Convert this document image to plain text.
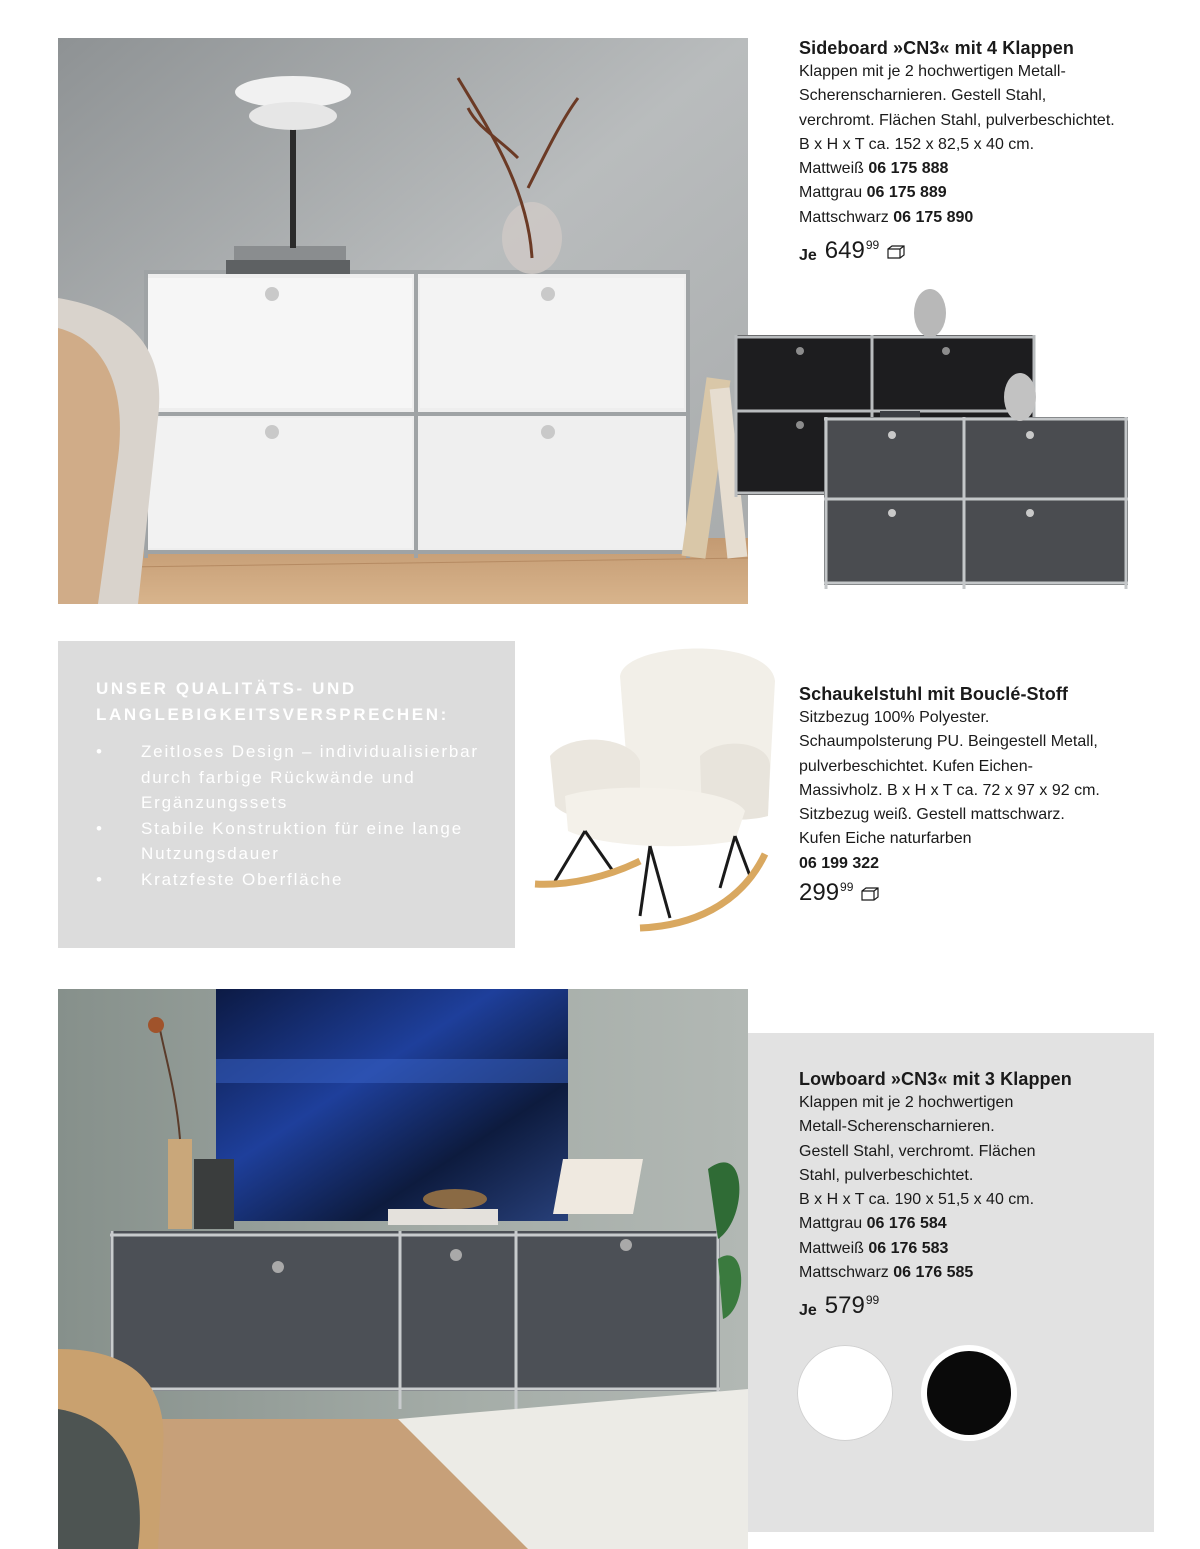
Sideboard »CN3« mit 4 Klappen

Klappen mit je 2 hochwertigen Metall-

Scherenscharnieren. Gestell Stahl,

verchromt. Flächen Stahl, pulverbeschichtet.

B x H x T ca. 152 x 82,5 x 40 cm.

Mattweiß 06 175 888

Mattgrau 06 175 889

Mattschwarz 06 175 890

Je 649 99
UNSER QUALITÄTS- UND LANGLEBIGKEITSVERSPRECHEN:
• Zeitloses Design – individualisierbar durch farbige Rückwände und Ergänzungssets
• Stabile Konstruktion für eine lange Nutzungsdauer
• Kratzfeste Oberfläche

Schaukelstuhl mit Bouclé-Stoff

Sitzbezug 100% Polyester.

Schaumpolsterung PU. Beingestell Metall,

pulverbeschichtet. Kufen Eichen-

Massivholz. B x H x T ca. 72 x 97 x 92 cm.

Sitzbezug weiß. Gestell mattschwarz.

Kufen Eiche naturfarben

06 199 322

299 99

Lowboard »CN3« mit 3 Klappen

Klappen mit je 2 hochwertigen

Metall-Scherenscharnieren.

Gestell Stahl, verchromt. Flächen

Stahl, pulverbeschichtet.

B x H x T ca. 190 x 51,5 x 40 cm.

Mattgrau 06 176 584

Mattweiß 06 176 583

Mattschwarz 06 176 585

Je 579 99
